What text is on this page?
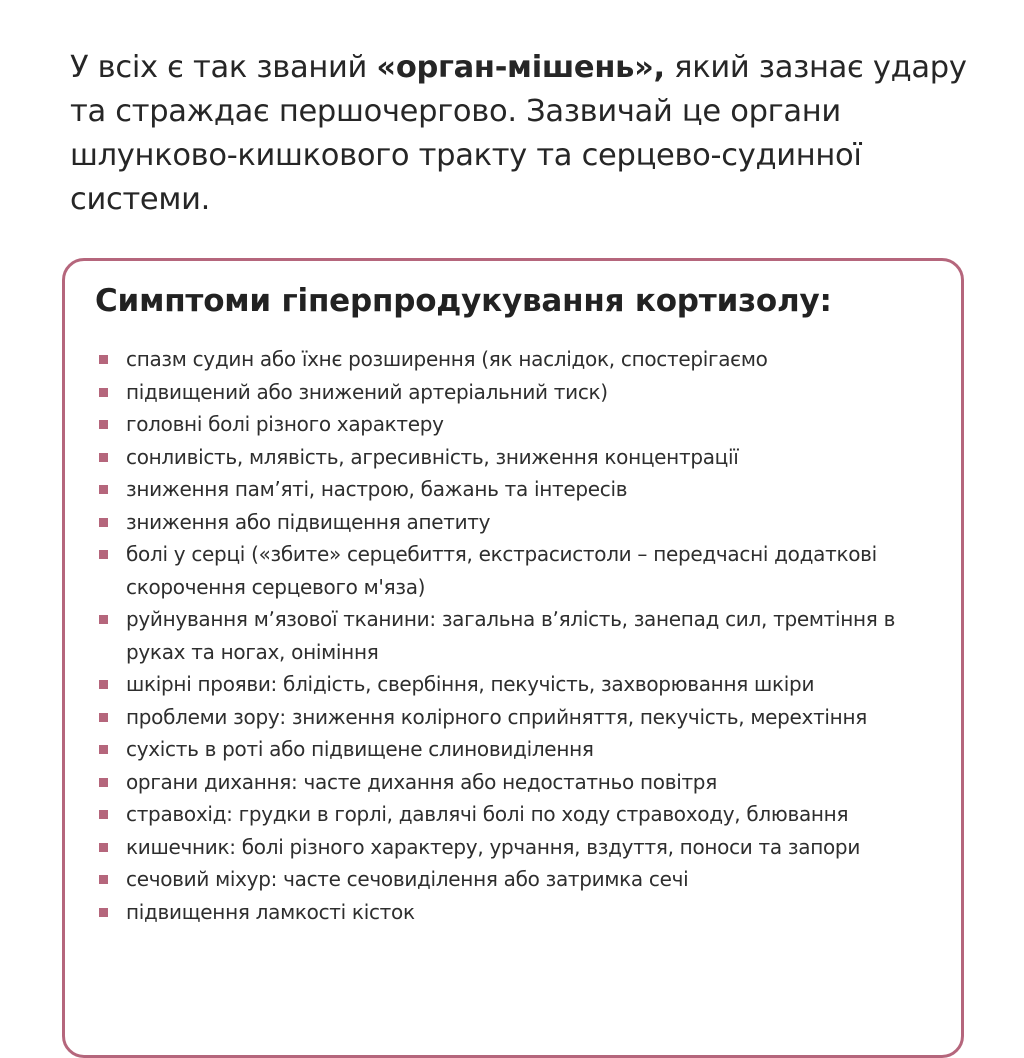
У всіх є так званий «орган-мішень», який зазнає удару та страждає першочергово. Зазвичай це органи шлунково-кишкового тракту та серцево-судинної системи.

Симптоми гіперпродукування кортизолу:
спазм судин або їхнє розширення (як наслідок, спостерігаємо
підвищений або знижений артеріальний тиск)
головні болі різного характеру
сонливість, млявість, агресивність, зниження концентрації
зниження пам’яті, настрою, бажань та інтересів
зниження або підвищення апетиту
болі у серці («збите» серцебиття, екстрасистоли – передчасні додаткові скорочення серцевого м'яза)
руйнування мʼязової тканини: загальна вʼялість, занепад сил, тремтіння в руках та ногах, оніміння
шкірні прояви: блідість, свербіння, пекучість, захворювання шкіри
проблеми зору: зниження колірного сприйняття, пекучість, мерехтіння
сухість в роті або підвищене слиновиділення
органи дихання: часте дихання або недостатньо повітря
стравохід: грудки в горлі, давлячі болі по ходу стравоходу, блювання
кишечник: болі різного характеру, урчання, вздуття, поноси та запори
сечовий міхур: часте сечовиділення або затримка сечі
підвищення ламкості кісток
